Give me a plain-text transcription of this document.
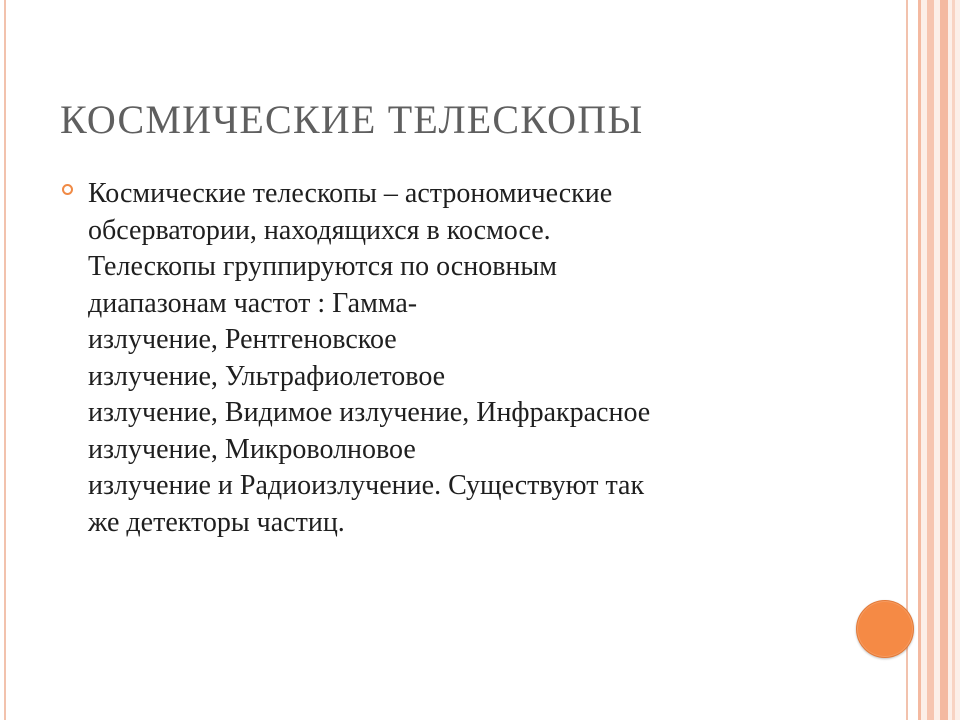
КОСМИЧЕСКИЕ ТЕЛЕСКОПЫ
Космические телескопы – астрономические
обсерватории, находящихся в космосе.
Телескопы группируются по основным
диапазонам частот : Гамма-
излучение, Рентгеновское
излучение, Ультрафиолетовое
излучение, Видимое излучение, Инфракрасное
излучение, Микроволновое
излучение и Радиоизлучение. Существуют так
же детекторы частиц.
